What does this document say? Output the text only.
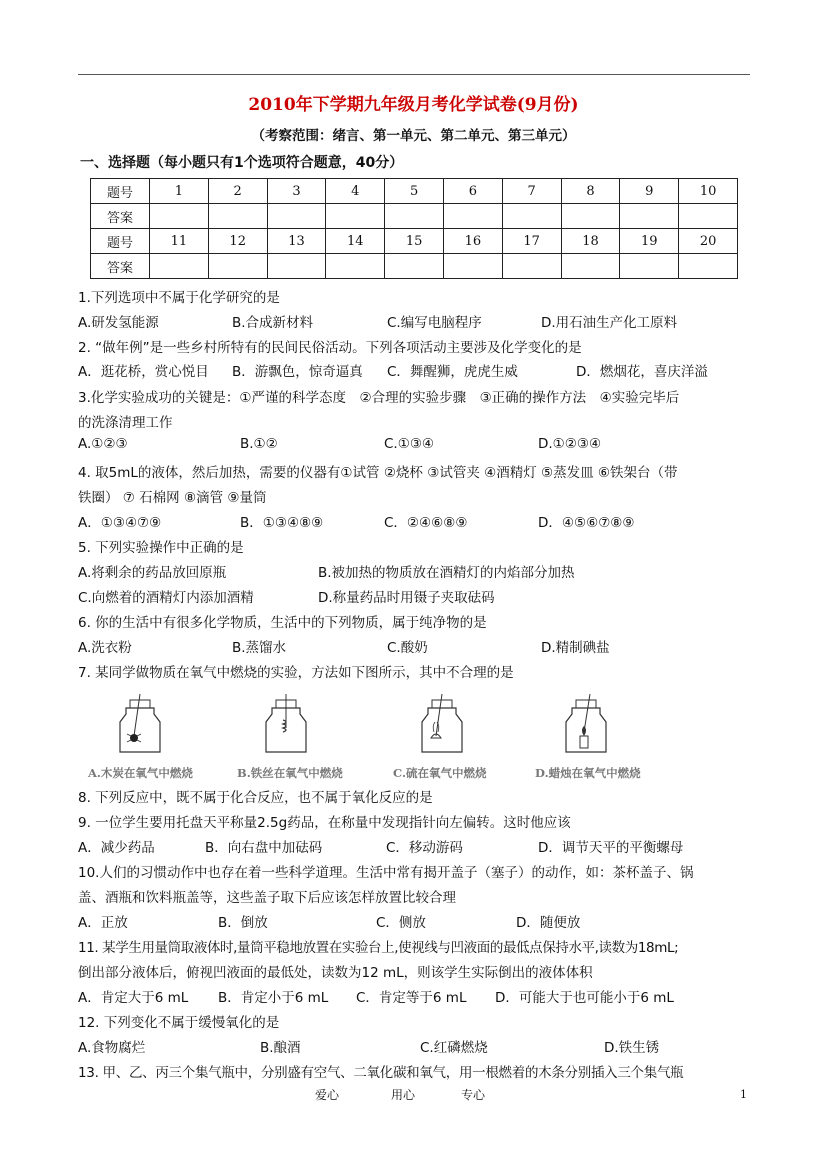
2010年下学期九年级月考化学试卷(9月份)
（考察范围：绪言、第一单元、第二单元、第三单元）
一、选择题（每小题只有1个选项符合题意，40分）
题号	1	2	3	4	5	6	7	8	9	10
答案										
题号	11	12	13	14	15	16	17	18	19	20
答案										
1.下列选项中不属于化学研究的是
A.研发氢能源	B.合成新材料	C.编写电脑程序	D.用石油生产化工原料
2. “做年例”是一些乡村所特有的民间民俗活动。下列各项活动主要涉及化学变化的是
A．逛花桥，赏心悦目 B．游飘色，惊奇逼真 C．舞醒狮，虎虎生威	D．燃烟花，喜庆洋溢
3.化学实验成功的关键是：①严谨的科学态度　②合理的实验步骤　③正确的操作方法　④实验完毕后
的洗涤清理工作
A.①②③	B.①②	C.①③④	D.①②③④
4. 取5mL的液体，然后加热，需要的仪器有①试管 ②烧杯 ③试管夹 ④酒精灯 ⑤蒸发皿 ⑥铁架台（带
铁圈） ⑦ 石棉网 ⑧滴管 ⑨量筒
A．①③④⑦⑨	B．①③④⑧⑨	C．②④⑥⑧⑨	D．④⑤⑥⑦⑧⑨
5. 下列实验操作中正确的是
A.将剩余的药品放回原瓶	B.被加热的物质放在酒精灯的内焰部分加热
C.向燃着的酒精灯内添加酒精	D.称量药品时用镊子夹取砝码
6. 你的生活中有很多化学物质，生活中的下列物质，属于纯净物的是
A.洗衣粉	B.蒸馏水	C.酸奶	D.精制碘盐
7. 某同学做物质在氧气中燃烧的实验，方法如下图所示，其中不合理的是
A.木炭在氧气中燃烧	B.铁丝在氧气中燃烧	C.硫在氧气中燃烧	D.蜡烛在氧气中燃烧
8. 下列反应中，既不属于化合反应，也不属于氧化反应的是
9. 一位学生要用托盘天平称量2.5g药品，在称量中发现指针向左偏转。这时他应该
A．减少药品	B．向右盘中加砝码	C．移动游码	D．调节天平的平衡螺母
10.人们的习惯动作中也存在着一些科学道理。生活中常有揭开盖子（塞子）的动作，如：茶杯盖子、锅
盖、酒瓶和饮料瓶盖等，这些盖子取下后应该怎样放置比较合理
A．正放	B．倒放	C．侧放	D．随便放
11. 某学生用量筒取液体时,量筒平稳地放置在实验台上,使视线与凹液面的最低点保持水平,读数为18mL;
倒出部分液体后，俯视凹液面的最低处，读数为12 mL，则该学生实际倒出的液体体积
A．肯定大于6 mL B．肯定小于6 mL C．肯定等于6 mL D．可能大于也可能小于6 mL
12. 下列变化不属于缓慢氧化的是
A.食物腐烂	B.酿酒	C.红磷燃烧	D.铁生锈
13. 甲、乙、丙三个集气瓶中，分别盛有空气、二氧化碳和氧气，用一根燃着的木条分别插入三个集气瓶
爱心	用心	专心	1
